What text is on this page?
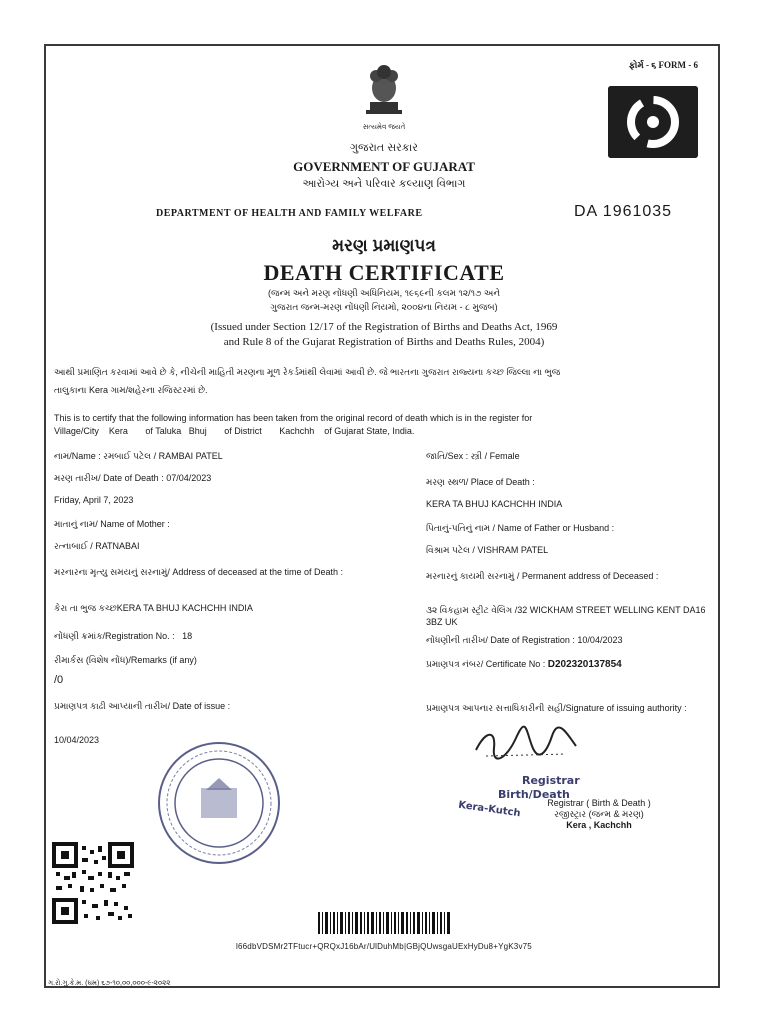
ફોર્મ - ૬ FORM - 6
સત્યમેવ જયતે
ગુજરાત સરકાર
GOVERNMENT OF GUJARAT
આરોગ્ય અને પરિવાર કલ્યાણ વિભાગ
DEPARTMENT OF HEALTH AND FAMILY WELFARE	DA 1961035
મરણ પ્રમાણપત્ર
DEATH CERTIFICATE
(જન્મ અને મરણ નોંધણી અધિનિયમ, ૧૯૬૯ની કલમ ૧૨/૧૭ અને
ગુજરાત જન્મ-મરણ નોંધણી નિયમો, ૨૦૦૪ના નિયમ - ૮ મુજબ)
(Issued under Section 12/17 of the Registration of Births and Deaths Act, 1969
and Rule 8 of the Gujarat Registration of Births and Deaths Rules, 2004)
આથી પ્રમાણિત કરવામાં આવે છે કે, નીચેની માહિતી મરણના મૂળ રેકર્ડમાંથી લેવામાં આવી છે. જે ભારતના ગુજરાત રાજ્યના કચ્છ જિલ્લા ના ભુજ
તાલુકાના Kera ગામ/શહેરના રજિસ્ટરમાં છે.
This is to certify that the following information has been taken from the original record of death which is in the register for
Village/City    Kera       of Taluka   Bhuj       of District       Kachchh    of Gujarat State, India.
નામ/Name : રમબાઈ પટેલ / RAMBAI PATEL
મરણ તારીખ/ Date of Death : 07/04/2023
Friday, April 7, 2023
માતાનું નામ/ Name of Mother :
રત્નાબાઈ / RATNABAI
મરનારના મૃત્યુ સમયનું સરનામું/ Address of deceased at the time of Death :
કેરા તા ભુજ કચ્છKERA TA BHUJ KACHCHH INDIA
નોંધણી ક્રમાંક/Registration No. : 18
રીમાર્કસ (વિશેષ નોંધ)/Remarks (if any)
/0
પ્રમાણપત્ર કાઢી આપ્યાની તારીખ/ Date of issue :
10/04/2023
જાતિ/Sex : સ્ત્રી / Female
મરણ સ્થળ/ Place of Death :
KERA TA BHUJ KACHCHH INDIA
પિતાનું-પતિનું નામ / Name of Father or Husband :
વિશ્રામ પટેલ / VISHRAM PATEL
મરનારનું કાયમી સરનામું / Permanent address of Deceased :
૩૨ વિકહામ સ્ટ્રીટ વેલિંગ /32 WICKHAM STREET WELLING KENT DA16 3BZ UK
નોંધણીની તારીખ/ Date of Registration : 10/04/2023
પ્રમાણપત્ર નંબર/ Certificate No : D202320137854
પ્રમાણપત્ર આપનાર સત્તાધિકારીની સહી/Signature of issuing authority :
Registrar
Birth/Death
Kera-Kutch	Registrar ( Birth & Death )
રજીસ્ટ્રાર (જન્મ & મરણ)
Kera , Kachchh
l66dbVDSMr2TFtucr+QRQxJ16bAr/UlDuhMb|GBjQUwsgaUExHyDu8+YgK3v75
ગ.રો.ગુ.કે.મ. (ઘમ) ૬૭-૧૦,૦૦,૦૦૦-૯-૨૦૨૨
